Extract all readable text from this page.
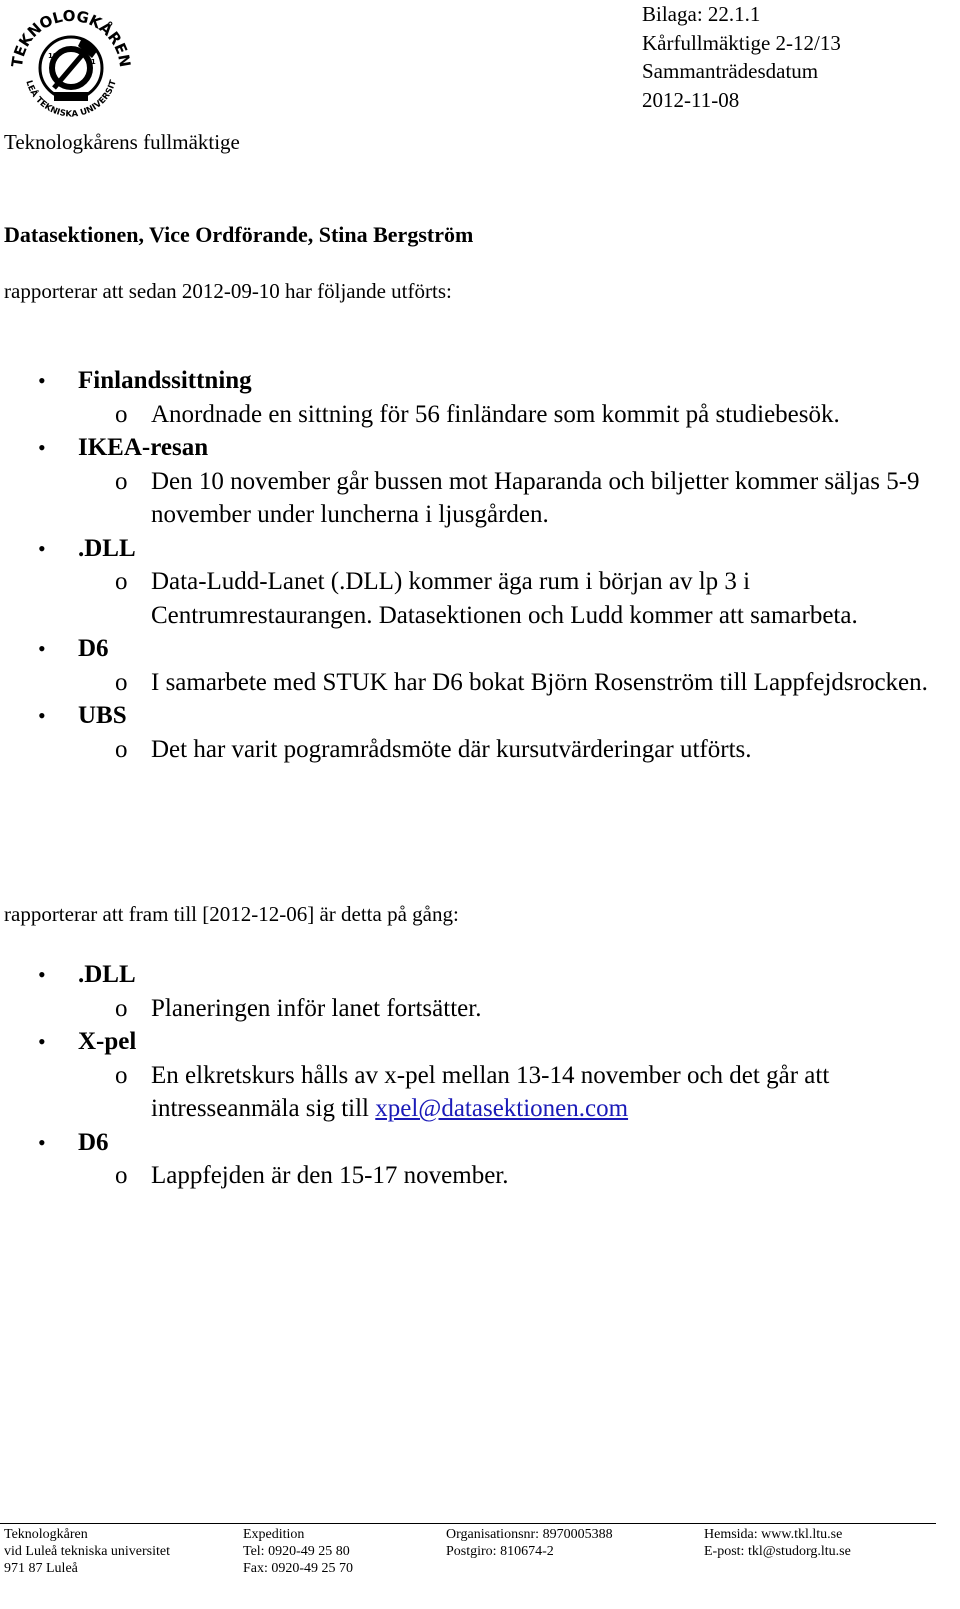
EKNOLOGKÅRE
LEÅ TEKNISKA UNIVERSIT
19
71
Teknologkårens fullmäktige
Bilaga: 22.1.1
Kårfullmäktige 2-12/13
Sammanträdesdatum
2012-11-08
Datasektionen, Vice Ordförande, Stina Bergström
rapporterar att sedan 2012-09-10 har följande utförts:
• Finlandssittning
o Anordnade en sittning för 56 finländare som kommit på studiebesök.
• IKEA-resan
o Den 10 november går bussen mot Haparanda och biljetter kommer säljas 5-9 november under luncherna i ljusgården.
• .DLL
o Data-Ludd-Lanet (.DLL) kommer äga rum i början av lp 3 i Centrumrestaurangen. Datasektionen och Ludd kommer att samarbeta.
• D6
o I samarbete med STUK har D6 bokat Björn Rosenström till Lappfejdsrocken.
• UBS
o Det har varit pogramrådsmöte där kursutvärderingar utförts.
rapporterar att fram till [2012-12-06] är detta på gång:
• .DLL
o Planeringen inför lanet fortsätter.
• X-pel
o En elkretskurs hålls av x-pel mellan 13-14 november och det går att intresseanmäla sig till xpel@datasektionen.com
• D6
o Lappfejden är den 15-17 november.
Teknologkåren
vid Luleå tekniska universitet
971 87 Luleå
Expedition
Tel: 0920-49 25 80
Fax: 0920-49 25 70
Organisationsnr: 8970005388
Postgiro: 810674-2
Hemsida: www.tkl.ltu.se
E-post: tkl@studorg.ltu.se
